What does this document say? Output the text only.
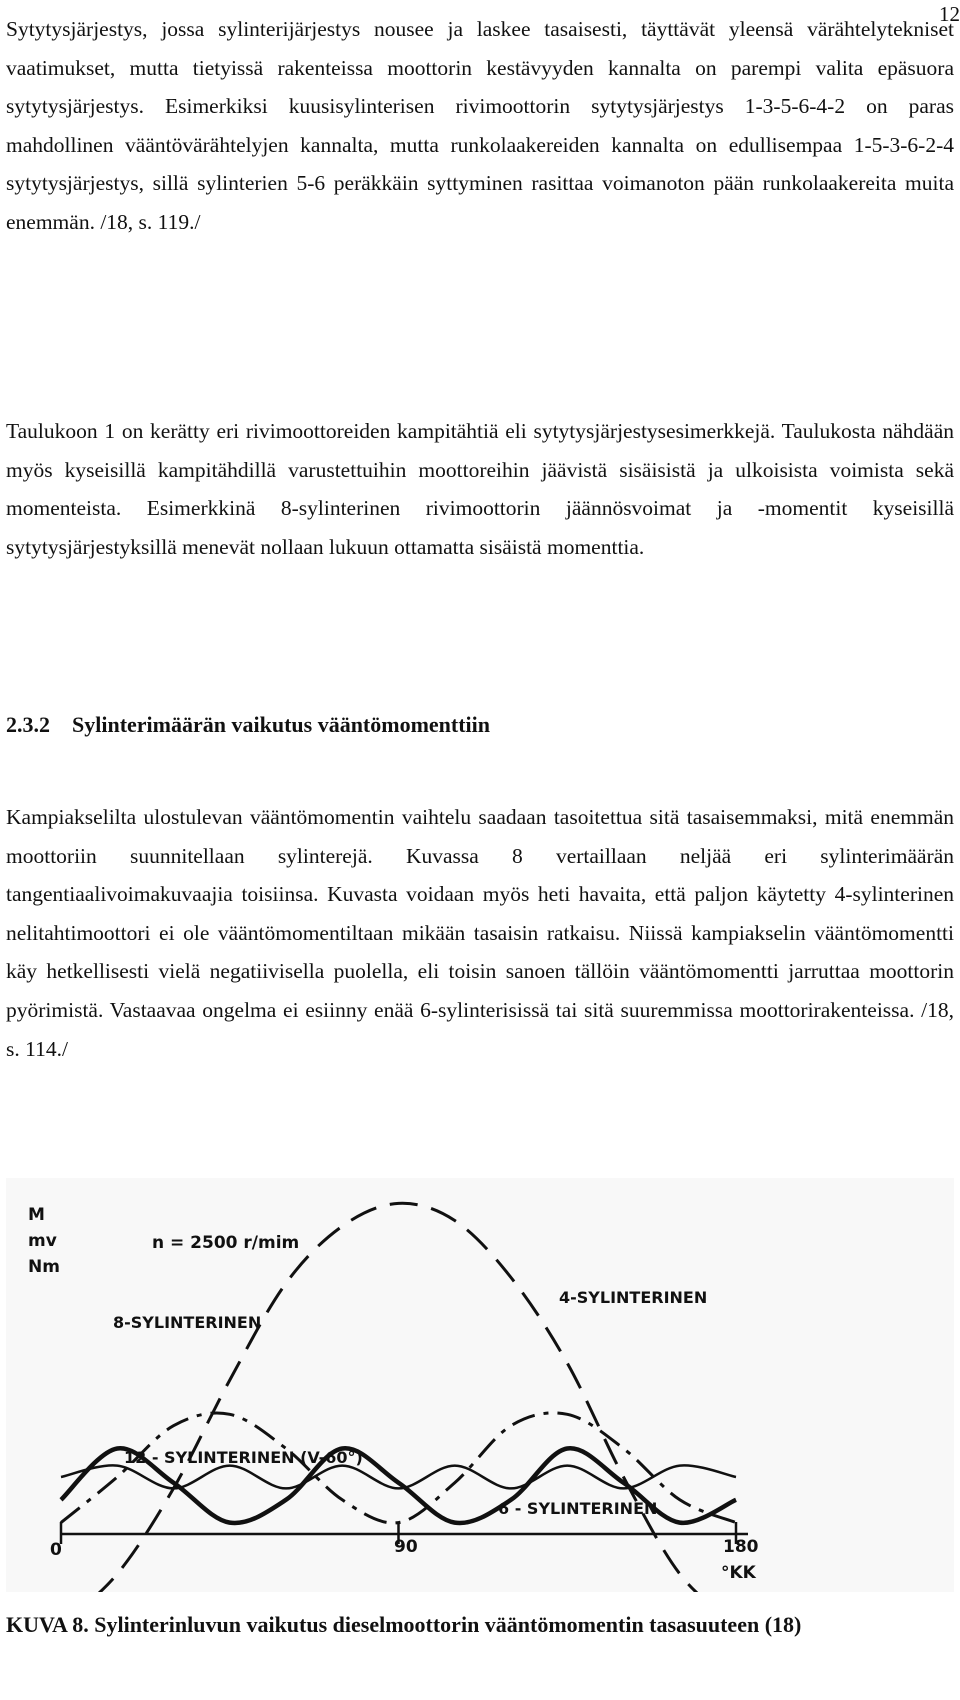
12

Sytytysjärjestys, jossa sylinterijärjestys nousee ja laskee tasaisesti, täyttävät yleensä värähtelytekniset vaatimukset, mutta tietyissä rakenteissa moottorin kestävyyden kannalta on parempi valita epäsuora sytytysjärjestys. Esimerkiksi kuusisylinterisen rivimoottorin sytytysjärjestys 1-3-5-6-4-2 on paras mahdollinen vääntövärähtelyjen kannalta, mutta runkolaakereiden kannalta on edullisempaa 1-5-3-6-2-4 sytytysjärjestys, sillä sylinterien 5-6 peräkkäin syttyminen rasittaa voimanoton pään runkolaakereita muita enemmän. /18, s. 119./

Taulukoon 1 on kerätty eri rivimoottoreiden kampitähtiä eli sytytysjärjestysesimerkkejä. Taulukosta nähdään myös kyseisillä kampitähdillä varustettuihin moottoreihin jäävistä sisäisistä ja ulkoisista voimista sekä momenteista. Esimerkkinä 8-sylinterinen rivimoottorin jäännösvoimat ja -momentit kyseisillä sytytysjärjestyksillä menevät nollaan lukuun ottamatta sisäistä momenttia.

2.3.2 Sylinterimäärän vaikutus vääntömomenttiin

Kampiakselilta ulostulevan vääntömomentin vaihtelu saadaan tasoitettua sitä tasaisemmaksi, mitä enemmän moottoriin suunnitellaan sylinterejä. Kuvassa 8 vertaillaan neljää eri sylinterimäärän tangentiaalivoimakuvaajia toisiinsa. Kuvasta voidaan myös heti havaita, että paljon käytetty 4-sylinterinen nelitahtimoottori ei ole vääntömomentiltaan mikään tasaisin ratkaisu. Niissä kampiakselin vääntömomentti käy hetkellisesti vielä negatiivisella puolella, eli toisin sanoen tällöin vääntömomentti jarruttaa moottorin pyörimistä. Vastaavaa ongelma ei esiinny enää 6-sylinterisissä tai sitä suuremmissa moottorirakenteissa. /18, s. 114./

M
mv
Nm
n = 2500 r/mim
8-SYLINTERINEN
4-SYLINTERINEN
12 - SYLINTERINEN (V-60°)
6 - SYLINTERINEN
0	90	180
°KK

KUVA 8. Sylinterinluvun vaikutus dieselmoottorin vääntömomentin tasasuuteen (18)
